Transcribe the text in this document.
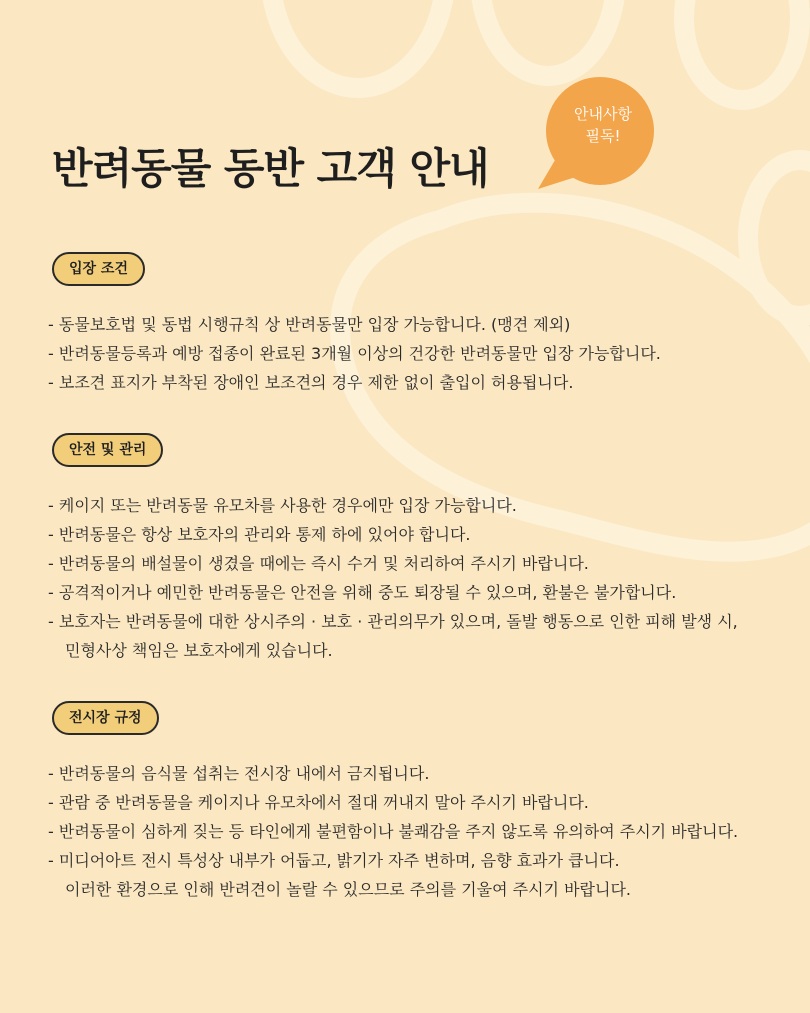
반려동물 동반 고객 안내
안내사항
필독!
입장 조건
- 동물보호법 및 동법 시행규칙 상 반려동물만 입장 가능합니다. (맹견 제외)
- 반려동물등록과 예방 접종이 완료된 3개월 이상의 건강한 반려동물만 입장 가능합니다.
- 보조견 표지가 부착된 장애인 보조견의 경우 제한 없이 출입이 허용됩니다.
안전 및 관리
- 케이지 또는 반려동물 유모차를 사용한 경우에만 입장 가능합니다.
- 반려동물은 항상 보호자의 관리와 통제 하에 있어야 합니다.
- 반려동물의 배설물이 생겼을 때에는 즉시 수거 및 처리하여 주시기 바랍니다.
- 공격적이거나 예민한 반려동물은 안전을 위해 중도 퇴장될 수 있으며, 환불은 불가합니다.
- 보호자는 반려동물에 대한 상시주의 · 보호 · 관리의무가 있으며, 돌발 행동으로 인한 피해 발생 시,
민형사상 책임은 보호자에게 있습니다.
전시장 규정
- 반려동물의 음식물 섭취는 전시장 내에서 금지됩니다.
- 관람 중 반려동물을 케이지나 유모차에서 절대 꺼내지 말아 주시기 바랍니다.
- 반려동물이 심하게 짖는 등 타인에게 불편함이나 불쾌감을 주지 않도록 유의하여 주시기 바랍니다.
- 미디어아트 전시 특성상 내부가 어둡고, 밝기가 자주 변하며, 음향 효과가 큽니다.
이러한 환경으로 인해 반려견이 놀랄 수 있으므로 주의를 기울여 주시기 바랍니다.
